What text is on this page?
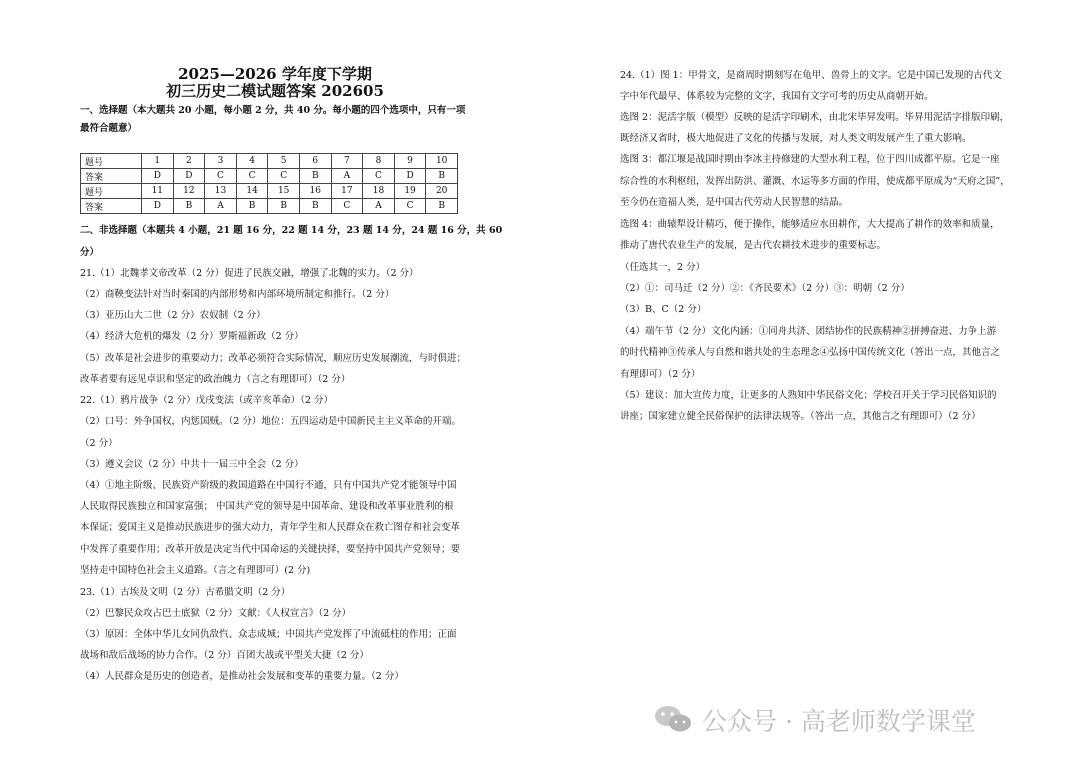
2025—2026 学年度下学期
初三历史二模试题答案 202605
一、选择题（本大题共 20 小题，每小题 2 分，共 40 分。每小题的四个选项中，只有一项
最符合题意）
题号	1	2	3	4	5	6	7	8	9	10
答案	D	D	C	C	C	B	A	C	D	B
题号	11	12	13	14	15	16	17	18	19	20
答案	D	B	A	B	B	B	C	A	C	B
二、非选择题（本题共 4 小题，21 题 16 分，22 题 14 分，23 题 14 分，24 题 16 分，共 60
分）
21.（1）北魏孝文帝改革（2 分）促进了民族交融，增强了北魏的实力。（2 分）
（2）商鞅变法针对当时秦国的内部形势和内部环境所制定和推行。（2 分）
（3）亚历山大二世（2 分）农奴制（2 分）
（4）经济大危机的爆发（2 分）罗斯福新政（2 分）
（5）改革是社会进步的重要动力；改革必须符合实际情况，顺应历史发展潮流，与时俱进；
改革者要有远见卓识和坚定的政治魄力（言之有理即可）（2 分）
22.（1）鸦片战争（2 分）戊戌变法（或辛亥革命）（2 分）
（2）口号：外争国权，内惩国贼。（2 分）地位：五四运动是中国新民主主义革命的开端。
（2 分）
（3）遵义会议（2 分）中共十一届三中全会（2 分）
（4）①地主阶级、民族资产阶级的救国道路在中国行不通，只有中国共产党才能领导中国
人民取得民族独立和国家富强； 中国共产党的领导是中国革命、建设和改革事业胜利的根
本保证；爱国主义是推动民族进步的强大动力，青年学生和人民群众在救亡图存和社会变革
中发挥了重要作用；改革开放是决定当代中国命运的关键抉择，要坚持中国共产党领导；要
坚持走中国特色社会主义道路。（言之有理即可）(2 分)
23.（1）古埃及文明（2 分）古希腊文明（2 分）
（2）巴黎民众攻占巴士底狱（2 分）文献：《人权宣言》（2 分）
（3）原因：全体中华儿女同仇敌忾、众志成城；中国共产党发挥了中流砥柱的作用；正面
战场和敌后战场的协力合作。（2 分）百团大战或平型关大捷（2 分）
（4）人民群众是历史的创造者，是推动社会发展和变革的重要力量。（2 分）
24.（1）图 1：甲骨文，是商周时期刻写在龟甲、兽骨上的文字。它是中国已发现的古代文
字中年代最早、体系较为完整的文字，我国有文字可考的历史从商朝开始。
选图 2：泥活字版（模型）反映的是活字印刷术，由北宋毕昇发明。毕昇用泥活字排版印刷，
既经济又省时，极大地促进了文化的传播与发展，对人类文明发展产生了重大影响。
选图 3：都江堰是战国时期由李冰主持修建的大型水利工程，位于四川成都平原。它是一座
综合性的水利枢纽，发挥出防洪、灌溉、水运等多方面的作用，使成都平原成为“天府之国”，
至今仍在造福人类，是中国古代劳动人民智慧的结晶。
选图 4：曲辕犁设计精巧，便于操作，能够适应水田耕作，大大提高了耕作的效率和质量，
推动了唐代农业生产的发展，是古代农耕技术进步的重要标志。
（任选其一，2 分）
（2）①：司马迁（2 分）②：《齐民要术》（2 分）③：明朝（2 分）
（3）B、C（2 分）
（4）端午节（2 分）文化内涵：①同舟共济、团结协作的民族精神②拼搏奋进、力争上游
的时代精神③传承人与自然和谐共处的生态理念④弘扬中国传统文化（答出一点，其他言之
有理即可）（2 分）
（5）建议：加大宣传力度，让更多的人熟知中华民俗文化；学校召开关于学习民俗知识的
讲座；国家建立健全民俗保护的法律法规等。（答出一点，其他言之有理即可）（2 分）
公众号 · 高老师数学课堂
